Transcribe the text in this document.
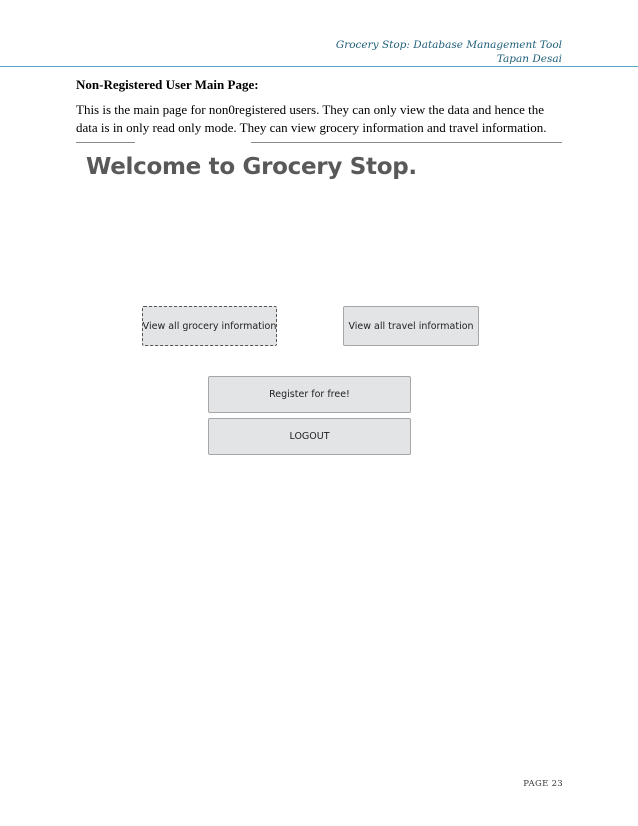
Grocery Stop: Database Management Tool
Tapan Desai
Non-Registered User Main Page:
This is the main page for non0registered users. They can only view the data and hence the data is in only read only mode. They can view grocery information and travel information.
Welcome to Grocery Stop.
View all grocery information	View all travel information
Register for free!
LOGOUT
PAGE 23
